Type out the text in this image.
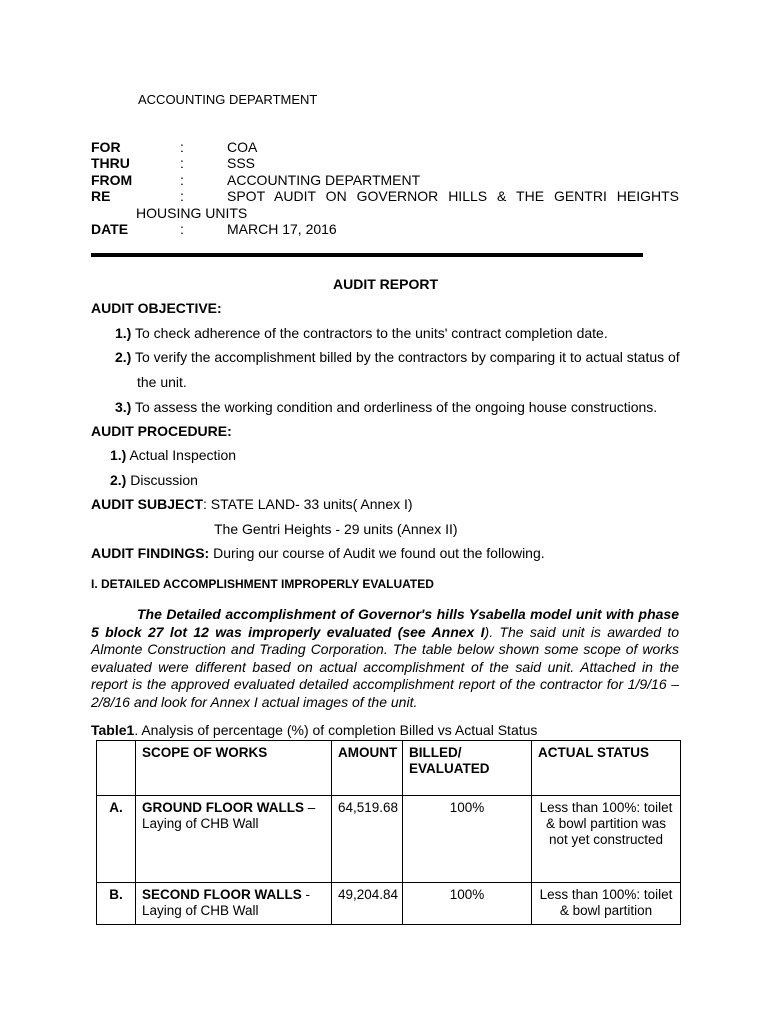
ACCOUNTING DEPARTMENT
FOR	:	COA
THRU	:	SSS
FROM	:	ACCOUNTING DEPARTMENT
RE	:	SPOT AUDIT ON GOVERNOR HILLS & THE GENTRI HEIGHTS
HOUSING UNITS
DATE	:	MARCH 17, 2016
AUDIT REPORT
AUDIT OBJECTIVE:
1.) To check adherence of the contractors to the units' contract completion date.
2.) To verify the accomplishment billed by the contractors by comparing it to actual status of
the unit.
3.) To assess the working condition and orderliness of the ongoing house constructions.
AUDIT PROCEDURE:
1.) Actual Inspection
2.) Discussion
AUDIT SUBJECT: STATE LAND- 33 units( Annex I)
The Gentri Heights - 29 units (Annex II)
AUDIT FINDINGS: During our course of Audit we found out the following.
I. DETAILED ACCOMPLISHMENT IMPROPERLY EVALUATED
The Detailed accomplishment of Governor's hills Ysabella model unit with phase 5 block 27 lot 12 was improperly evaluated (see Annex I). The said unit is awarded to Almonte Construction and Trading Corporation. The table below shown some scope of works evaluated were different based on actual accomplishment of the said unit. Attached in the report is the approved evaluated detailed accomplishment report of the contractor for 1/9/16 – 2/8/16 and look for Annex I actual images of the unit.
Table1. Analysis of percentage (%) of completion Billed vs Actual Status
	SCOPE OF WORKS	AMOUNT	BILLED/ EVALUATED	ACTUAL STATUS
A.	GROUND FLOOR WALLS –
Laying of CHB Wall	64,519.68	100%	Less than 100%: toilet & bowl partition was not yet constructed
B.	SECOND FLOOR WALLS -
Laying of CHB Wall	49,204.84	100%	Less than 100%: toilet & bowl partition
